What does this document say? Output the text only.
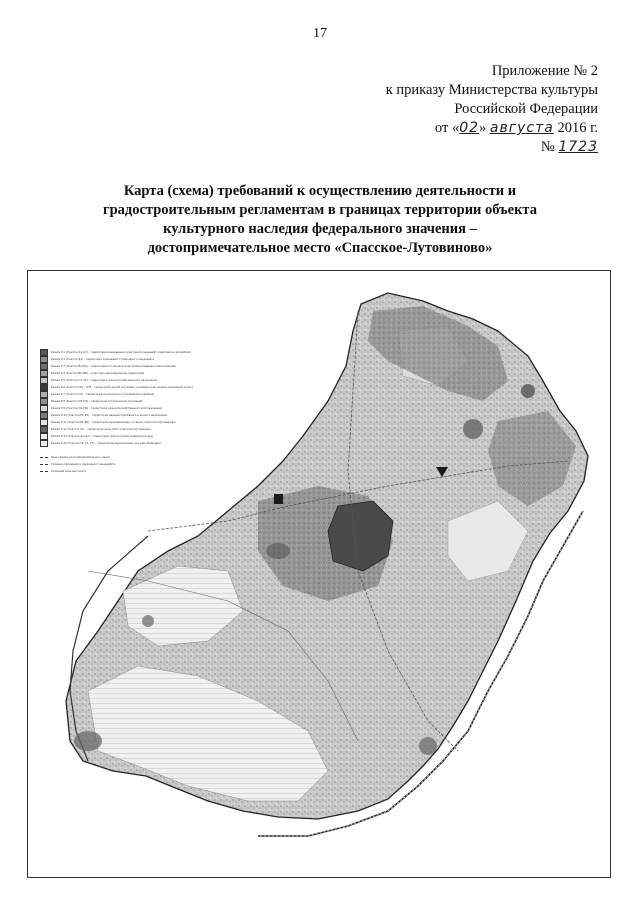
17
Приложение № 2
к приказу Министерства культуры
Российской Федерации
от «02» августа 2016 г.
№ 1723
Карта (схема) требований к осуществлению деятельности и
градостроительным регламентам в границах территории объекта
культурного наследия федерального значения –
достопримечательное место «Спасское-Лутовиново»
Режим Р.1 (Участки А1–А3) – территория размещения культурной ландшафт памятника и ансамблей
Режим Р.2 (Участок В1) – территория охраняемого природного ландшафта
Режим Р.3 (Участки В2–В4) – территория исторической застройки (бывшее совхоз-имение)
Режим Р.4 (Участки В5–В8) – культурно-рекреационная территория
Режим Р.5 (Участки С1–С5) – территория сельскохозяйственного назначения
Режим Р.6 (Участок С6) – СНТ – территория жилой застройки и элементы ее (режим наложения кулис)
Режим Р.7 (Участок D1) – территория исторического поселения (подобная)
Режим Р.8 (Участок D2–D3) – территория исторических поселений
Режим Р.9 (Участки D4–D6) – территория сельскохозяйственного использования
Режим Р.10 (Участки Е1–Е3) – территория административного и жилого назначения
Режим Р.11 (Участки Е4–Е6) – территория музеефикации и отдыха «Спасское-Лутовиново»
Режим Р.12 (Участок F1) – территория зоны ООО «Спасское-Лутовиново»
Режим Р.13 (Участки G1–G3) – территория транспортной инфраструктуры
Режим Р.14 (Участки Т1, Т2, Т3) – территория водоохранных зон реки Варнавки
Зона границ достопримечательного места
Граница охраняемого природного ландшафта
Условный знак местности
